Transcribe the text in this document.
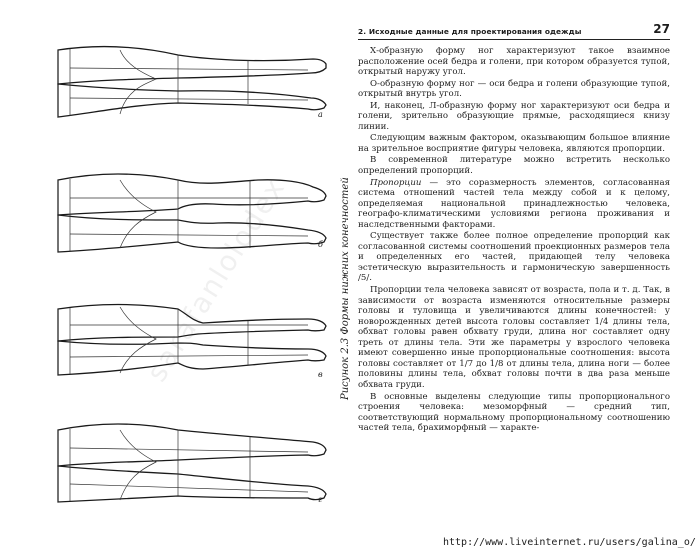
sarafanlolodex
а
б
в
г
Рисунок 2.3 Формы нижних конечностей
2. Исходные данные для проектирования одежды	27

Х-образную форму ног характеризуют такое взаимное расположение осей бедра и голени, при котором образуется тупой, открытый наружу угол.

О-образную форму ног — оси бедра и голени образующие тупой, открытый внутрь угол.

И, наконец, Л-образную форму ног характеризуют оси бедра и голени, зрительно образующие прямые, расходящиеся книзу линии.

Следующим важным фактором, оказывающим большое влияние на зрительное восприятие фигуры человека, являются пропорции.

В современной литературе можно встретить несколько определений пропорций.

Пропорции — это соразмерность элементов, согласованная система отношений частей тела между собой и к целому, определяемая национальной принадлежностью человека, географо-климатическими условиями региона проживания и наследственными факторами.

Существует также более полное определение пропорций как согласованной системы соотношений проекционных размеров тела и определенных его частей, придающей телу человека эстетическую выразительность и гармоническую завершенность /5/.

Пропорции тела человека зависят от возраста, пола и т. д. Так, в зависимости от возраста изменяются относительные размеры головы и туловища и увеличиваются длины конечностей: у новорожденных детей высота головы составляет 1/4 длины тела, обхват головы равен обхвату груди, длина ног составляет одну треть от длины тела. Эти же параметры у взрослого человека имеют совершенно иные пропорциональные соотношения: высота головы составляет от 1/7 до 1/8 от длины тела, длина ноги — более половины длины тела, обхват головы почти в два раза меньше обхвата груди.

В основные выделены следующие типы пропорционального строения человека: мезоморфный — средний тип, соответствующий нормальному пропорциональному соотношению частей тела, брахиморфный — характе-

http://www.liveinternet.ru/users/galina_o/
